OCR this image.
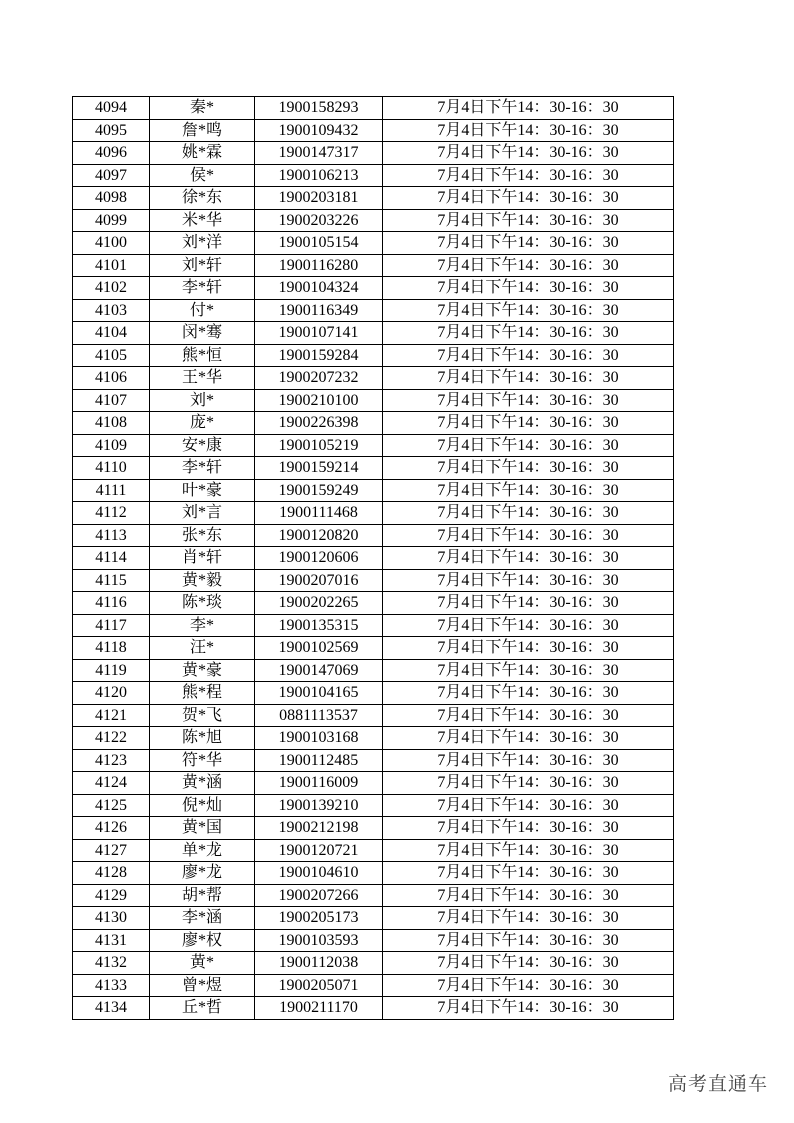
4094	秦*	1900158293	7月4日下午14：30-16：30
4095	詹*鸣	1900109432	7月4日下午14：30-16：30
4096	姚*霖	1900147317	7月4日下午14：30-16：30
4097	侯*	1900106213	7月4日下午14：30-16：30
4098	徐*东	1900203181	7月4日下午14：30-16：30
4099	米*华	1900203226	7月4日下午14：30-16：30
4100	刘*洋	1900105154	7月4日下午14：30-16：30
4101	刘*轩	1900116280	7月4日下午14：30-16：30
4102	李*轩	1900104324	7月4日下午14：30-16：30
4103	付*	1900116349	7月4日下午14：30-16：30
4104	闵*骞	1900107141	7月4日下午14：30-16：30
4105	熊*恒	1900159284	7月4日下午14：30-16：30
4106	王*华	1900207232	7月4日下午14：30-16：30
4107	刘*	1900210100	7月4日下午14：30-16：30
4108	庞*	1900226398	7月4日下午14：30-16：30
4109	安*康	1900105219	7月4日下午14：30-16：30
4110	李*轩	1900159214	7月4日下午14：30-16：30
4111	叶*豪	1900159249	7月4日下午14：30-16：30
4112	刘*言	1900111468	7月4日下午14：30-16：30
4113	张*东	1900120820	7月4日下午14：30-16：30
4114	肖*轩	1900120606	7月4日下午14：30-16：30
4115	黄*毅	1900207016	7月4日下午14：30-16：30
4116	陈*琰	1900202265	7月4日下午14：30-16：30
4117	李*	1900135315	7月4日下午14：30-16：30
4118	汪*	1900102569	7月4日下午14：30-16：30
4119	黄*豪	1900147069	7月4日下午14：30-16：30
4120	熊*程	1900104165	7月4日下午14：30-16：30
4121	贺*飞	0881113537	7月4日下午14：30-16：30
4122	陈*旭	1900103168	7月4日下午14：30-16：30
4123	符*华	1900112485	7月4日下午14：30-16：30
4124	黄*涵	1900116009	7月4日下午14：30-16：30
4125	倪*灿	1900139210	7月4日下午14：30-16：30
4126	黄*国	1900212198	7月4日下午14：30-16：30
4127	单*龙	1900120721	7月4日下午14：30-16：30
4128	廖*龙	1900104610	7月4日下午14：30-16：30
4129	胡*帮	1900207266	7月4日下午14：30-16：30
4130	李*涵	1900205173	7月4日下午14：30-16：30
4131	廖*权	1900103593	7月4日下午14：30-16：30
4132	黄*	1900112038	7月4日下午14：30-16：30
4133	曾*煜	1900205071	7月4日下午14：30-16：30
4134	丘*哲	1900211170	7月4日下午14：30-16：30
高考直通车
